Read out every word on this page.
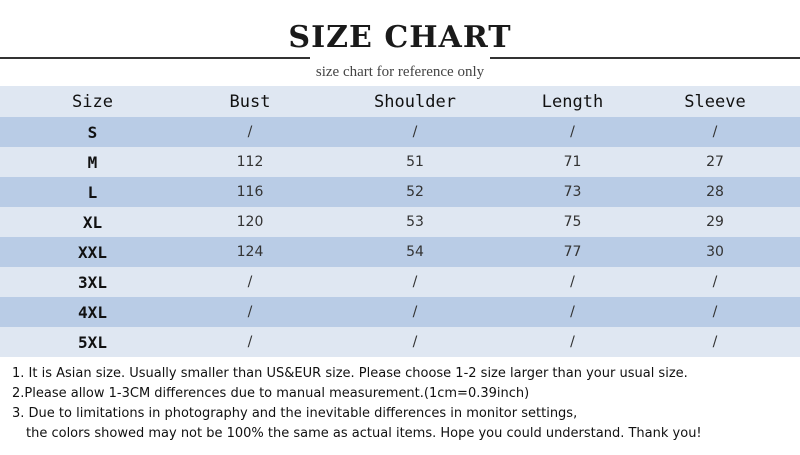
SIZE CHART
size chart for reference only
Size	Bust	Shoulder	Length	Sleeve
S	/	/	/	/
M	112	51	71	27
L	116	52	73	28
XL	120	53	75	29
XXL	124	54	77	30
3XL	/	/	/	/
4XL	/	/	/	/
5XL	/	/	/	/
1. It is Asian size. Usually smaller than US&EUR size. Please choose 1-2 size larger than your usual size.
2.Please allow 1-3CM differences due to manual measurement.(1cm=0.39inch)
3. Due to limitations in photography and the inevitable differences in monitor settings,
the colors showed may not be 100% the same as actual items. Hope you could understand. Thank you!
